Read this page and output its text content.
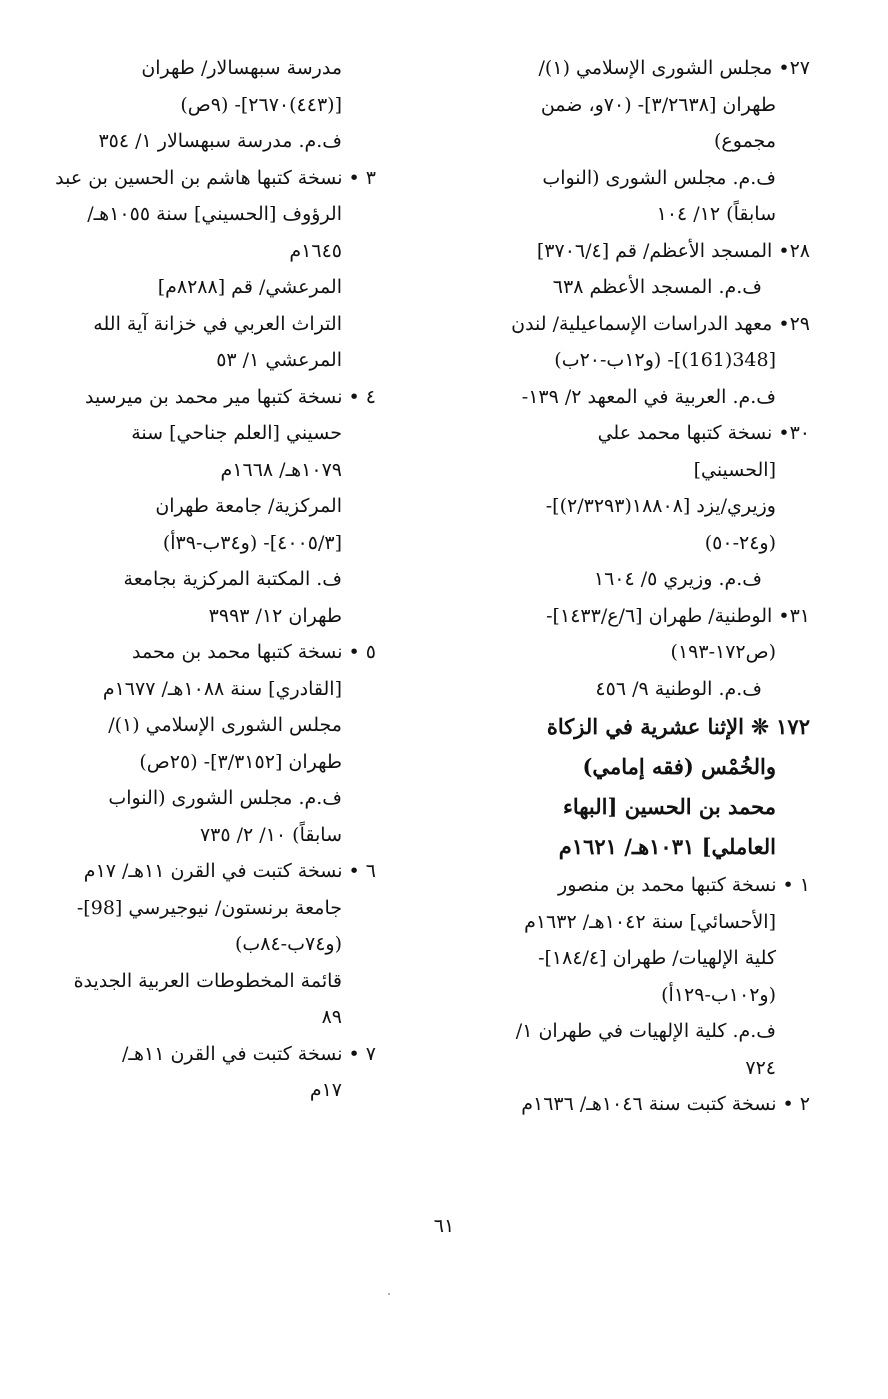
٢٧• مجلس الشورى الإسلامي (١)/
طهران [٣/٢٦٣٨]- (٧٠و، ضمن
مجموع)
ف.م. مجلس الشورى (النواب
سابقاً) ١٢/ ١٠٤
٢٨• المسجد الأعظم/ قم [٣٧٠٦/٤]
ف.م. المسجد الأعظم ٦٣٨
٢٩• معهد الدراسات الإسماعيلية/ لندن
[348(161)]- (و١٢ب-٢٠ب)
ف.م. العربية في المعهد ٢/ ١٣٩-
٣٠• نسخة كتبها محمد علي
[الحسيني]
وزيري/يزد [١٨٨٠٨(٢/٣٢٩٣)]-
(و٢٤-٥٠)
ف.م. وزيري ٥/ ١٦٠٤
٣١• الوطنية/ طهران [٦/ع/١٤٣٣]-
(ص١٧٢-١٩٣)
ف.م. الوطنية ٩/ ٤٥٦
١٧٢ ❊ الإثنا عشرية في الزكاة
والخُمْس (فقه إمامي)
محمد بن الحسين [البهاء
العاملي] ١٠٣١هـ/ ١٦٢١م
١ • نسخة كتبها محمد بن منصور
[الأحسائي] سنة ١٠٤٢هـ/ ١٦٣٢م
كلية الإلهيات/ طهران [١٨٤/٤]-
(و١٠٢ب-١٢٩أ)
ف.م. كلية الإلهيات في طهران ١/
٧٢٤
٢ • نسخة كتبت سنة ١٠٤٦هـ/ ١٦٣٦م
مدرسة سبهسالار/ طهران
[(٤٤٣)٢٦٧٠]- (٩ص)
ف.م. مدرسة سبهسالار ١/ ٣٥٤
٣ • نسخة كتبها هاشم بن الحسين بن عبد
الرؤوف [الحسيني] سنة ١٠٥٥هـ/
١٦٤٥م
المرعشي/ قم [٨٢٨٨م]
التراث العربي في خزانة آية الله
المرعشي ١/ ٥٣
٤ • نسخة كتبها مير محمد بن ميرسيد
حسيني [العلم جناحي] سنة
١٠٧٩هـ/ ١٦٦٨م
المركزية/ جامعة طهران
[٤٠٠٥/٣]- (و٣٤ب-٣٩أ)
ف. المكتبة المركزية بجامعة
طهران ١٢/ ٣٩٩٣
٥ • نسخة كتبها محمد بن محمد
[القادري] سنة ١٠٨٨هـ/ ١٦٧٧م
مجلس الشورى الإسلامي (١)/
طهران [٣/٣١٥٢]- (٢٥ص)
ف.م. مجلس الشورى (النواب
سابقاً) ١٠/ ٢/ ٧٣٥
٦ • نسخة كتبت في القرن ١١هـ/ ١٧م
جامعة برنستون/ نيوجيرسي [98]-
(و٧٤ب-٨٤ب)
قائمة المخطوطات العربية الجديدة
٨٩
٧ • نسخة كتبت في القرن ١١هـ/
١٧م
٦١
